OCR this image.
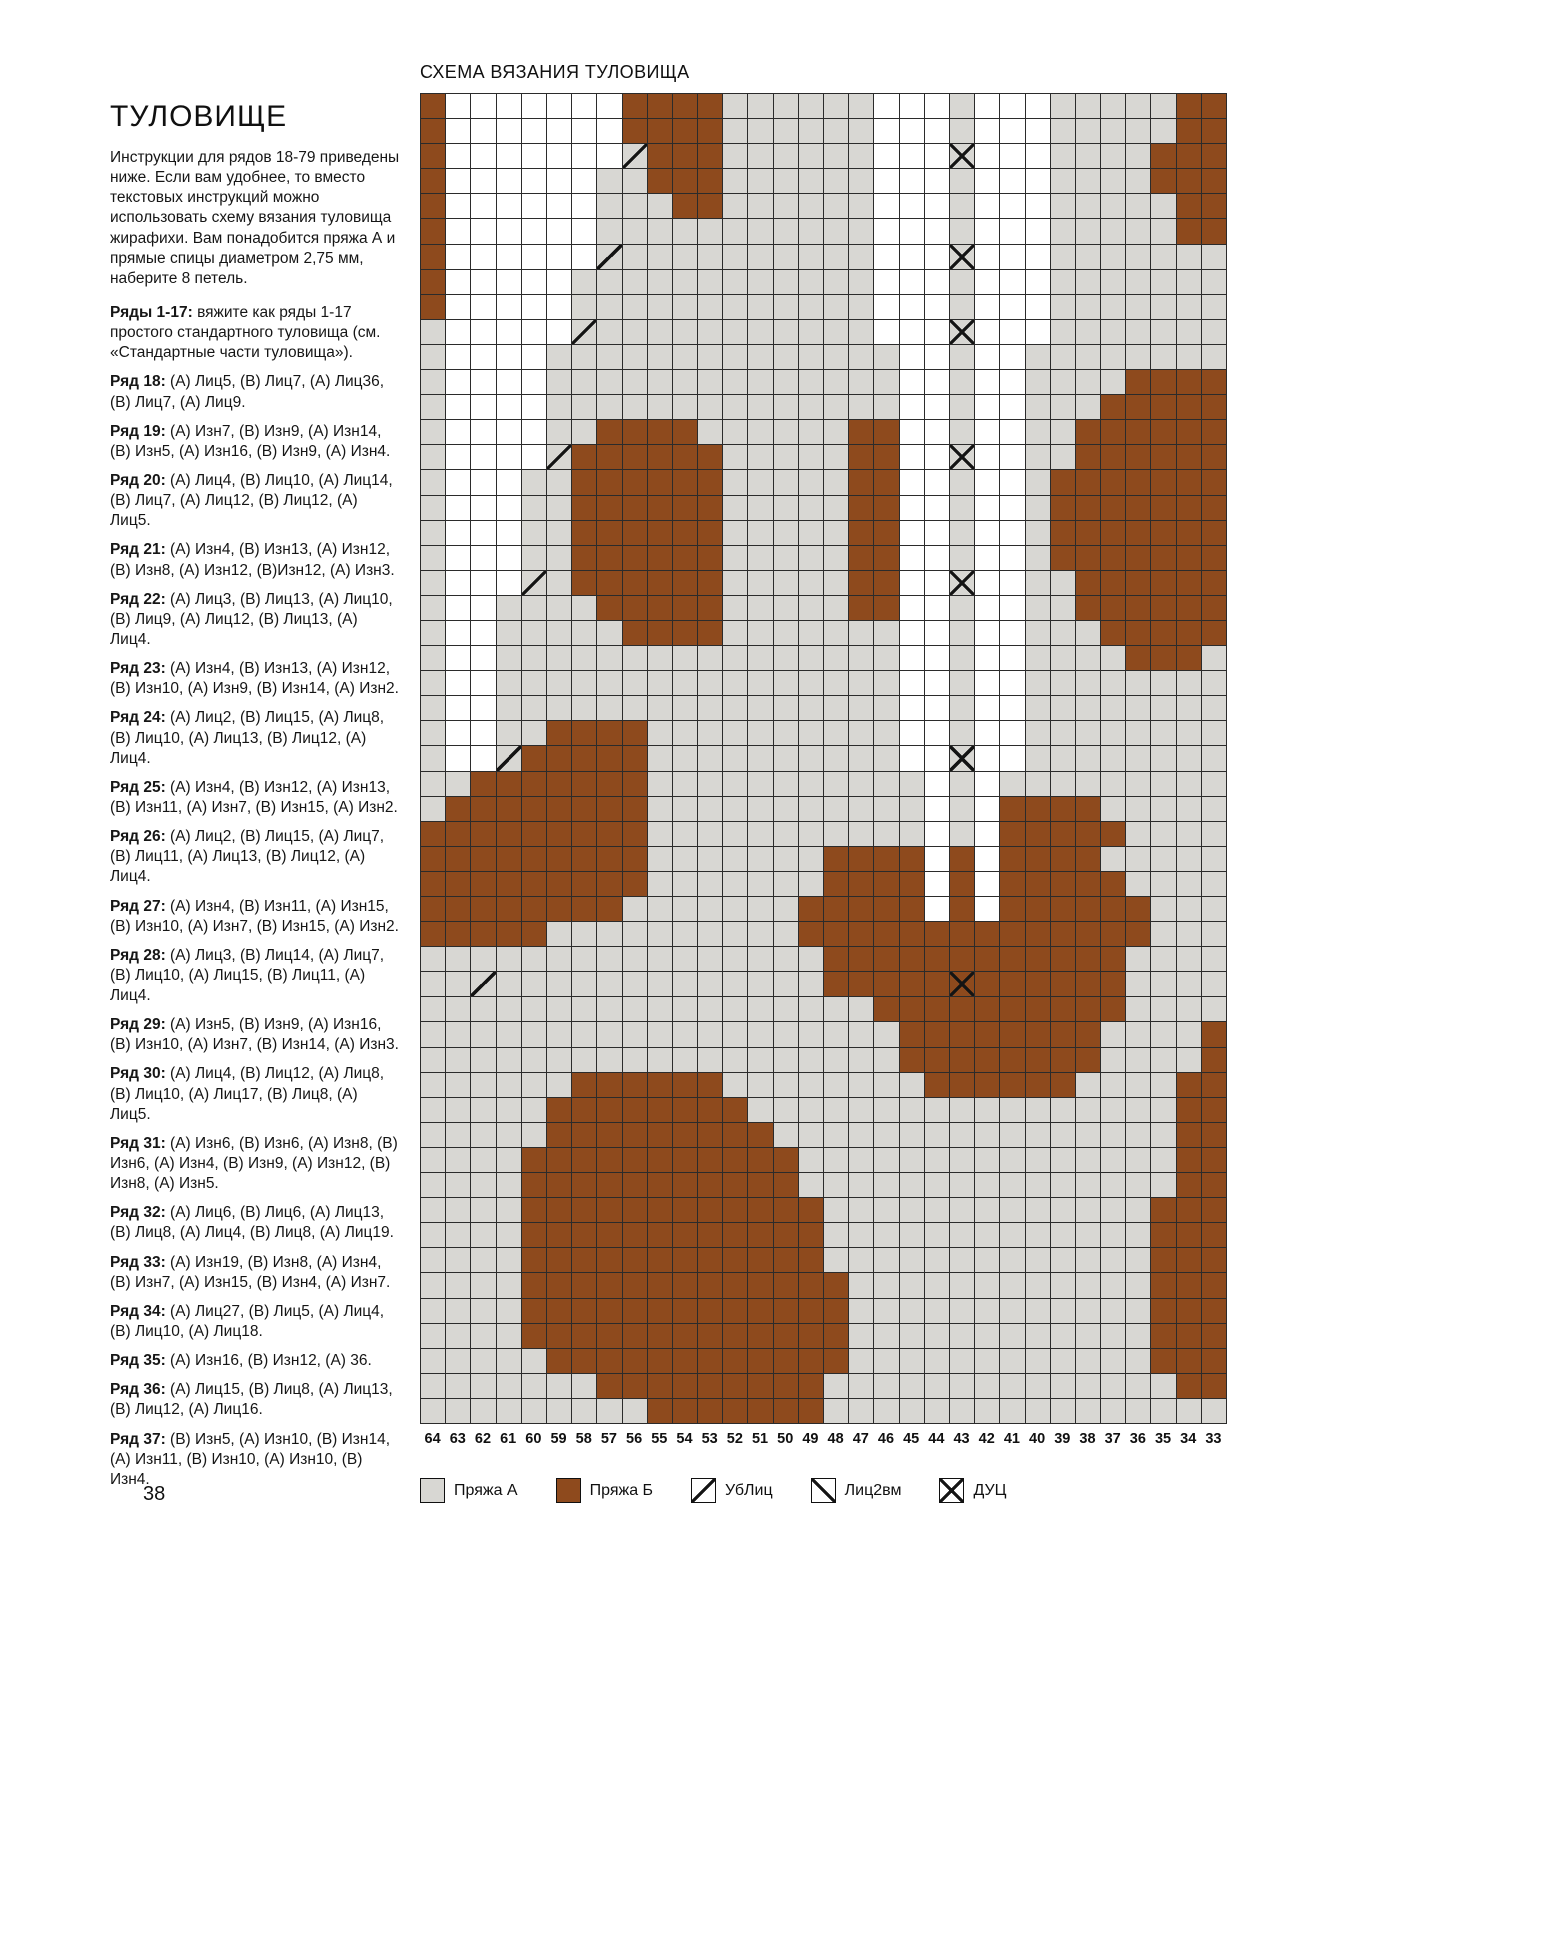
ТУЛОВИЩЕ

Инструкции для рядов 18-79 приведены ниже. Если вам удобнее, то вместо текстовых инструкций можно использовать схему вязания туловища жирафихи. Вам понадобится пряжа А и прямые спицы диаметром 2,75 мм, наберите 8 петель.

Ряды 1-17: вяжите как ряды 1-17 простого стандартного туловища (см. «Стандартные части туловища»).

Ряд 18: (А) Лиц5, (В) Лиц7, (А) Лиц36, (В) Лиц7, (А) Лиц9.

Ряд 19: (А) Изн7, (В) Изн9, (А) Изн14, (В) Изн5, (А) Изн16, (В) Изн9, (А) Изн4.

Ряд 20: (А) Лиц4, (В) Лиц10, (А) Лиц14, (В) Лиц7, (А) Лиц12, (В) Лиц12, (А) Лиц5.

Ряд 21: (А) Изн4, (В) Изн13, (А) Изн12, (В) Изн8, (А) Изн12, (В)Изн12, (А) Изн3.

Ряд 22: (А) Лиц3, (В) Лиц13, (А) Лиц10, (В) Лиц9, (А) Лиц12, (В) Лиц13, (А) Лиц4.

Ряд 23: (А) Изн4, (В) Изн13, (А) Изн12, (В) Изн10, (А) Изн9, (В) Изн14, (А) Изн2.

Ряд 24: (А) Лиц2, (В) Лиц15, (А) Лиц8, (В) Лиц10, (А) Лиц13, (В) Лиц12, (А) Лиц4.

Ряд 25: (А) Изн4, (В) Изн12, (А) Изн13, (В) Изн11, (А) Изн7, (В) Изн15, (А) Изн2.

Ряд 26: (А) Лиц2, (В) Лиц15, (А) Лиц7, (В) Лиц11, (А) Лиц13, (В) Лиц12, (А) Лиц4.

Ряд 27: (А) Изн4, (В) Изн11, (А) Изн15, (В) Изн10, (А) Изн7, (В) Изн15, (А) Изн2.

Ряд 28: (А) Лиц3, (В) Лиц14, (А) Лиц7, (В) Лиц10, (А) Лиц15, (В) Лиц11, (А) Лиц4.

Ряд 29: (А) Изн5, (В) Изн9, (А) Изн16, (В) Изн10, (А) Изн7, (В) Изн14, (А) Изн3.

Ряд 30: (А) Лиц4, (В) Лиц12, (А) Лиц8, (В) Лиц10, (А) Лиц17, (В) Лиц8, (А) Лиц5.

Ряд 31: (А) Изн6, (В) Изн6, (А) Изн8, (В) Изн6, (А) Изн4, (В) Изн9, (А) Изн12, (В) Изн8, (А) Изн5.

Ряд 32: (А) Лиц6, (В) Лиц6, (А) Лиц13, (В) Лиц8, (А) Лиц4, (В) Лиц8, (А) Лиц19.

Ряд 33: (А) Изн19, (В) Изн8, (А) Изн4, (В) Изн7, (А) Изн15, (В) Изн4, (А) Изн7.

Ряд 34: (А) Лиц27, (В) Лиц5, (А) Лиц4, (В) Лиц10, (А) Лиц18.

Ряд 35: (А) Изн16, (В) Изн12, (А) 36.

Ряд 36: (А) Лиц15, (В) Лиц8, (А) Лиц13, (В) Лиц12, (А) Лиц16.

Ряд 37: (В) Изн5, (А) Изн10, (В) Изн14, (А) Изн11, (В) Изн10, (А) Изн10, (В) Изн4.

СХЕМА ВЯЗАНИЯ ТУЛОВИЩА
64 63 62 61 60 59 58 57 56 55 54 53 52 51 50 49 48 47 46 45 44 43 42 41 40 39 38 37 36 35 34 33
Пряжа А	Пряжа Б	УбЛиц	Лиц2вм	ДУЦ
38
